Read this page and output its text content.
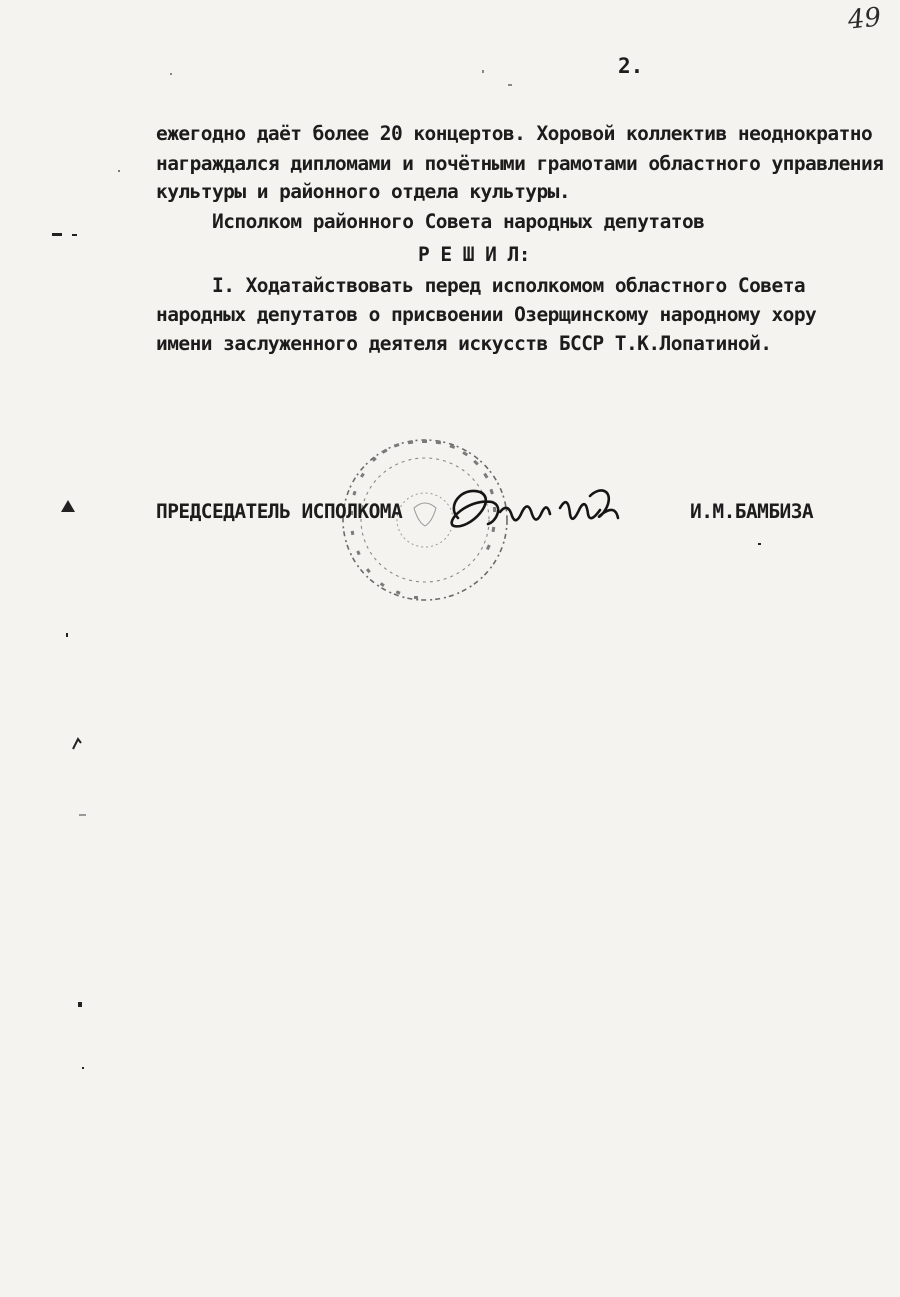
49
2.
ежегодно даёт более 20 концертов. Хоровой коллектив неоднократно
награждался дипломами и почётными грамотами областного управления
культуры и районного отдела культуры.
Исполком районного Совета народных депутатов
Р Е Ш И Л:
I. Ходатайствовать перед исполкомом областного Совета
народных депутатов о присвоении Озерщинскому народному хору
имени заслуженного деятеля искусств БССР Т.К.Лопатиной.
ПРЕДСЕДАТЕЛЬ ИСПОЛКОМА	И.М.БАМБИЗА
